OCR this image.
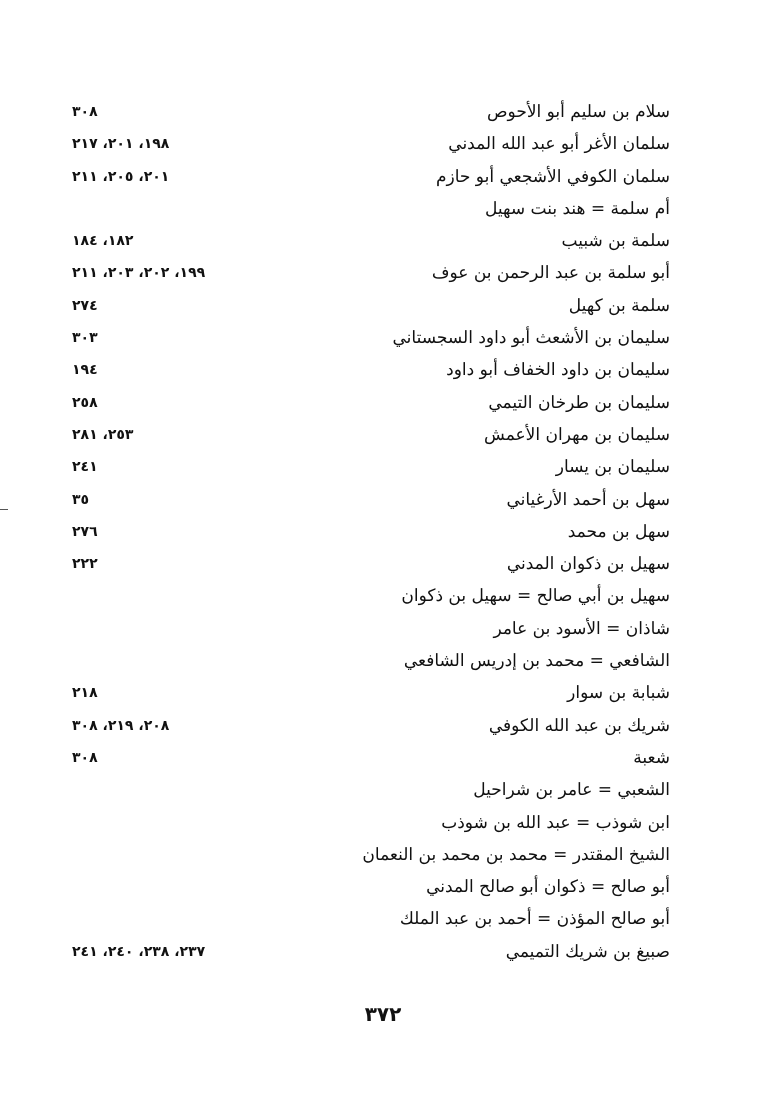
سلام بن سليم أبو الأحوص
٣٠٨
سلمان الأغر أبو عبد الله المدني
١٩٨، ٢٠١، ٢١٧
سلمان الكوفي الأشجعي أبو حازم
٢٠١، ٢٠٥، ٢١١
أم سلمة = هند بنت سهيل
سلمة بن شبيب
١٨٢، ١٨٤
أبو سلمة بن عبد الرحمن بن عوف
١٩٩، ٢٠٢، ٢٠٣، ٢١١
سلمة بن كهيل
٢٧٤
سليمان بن الأشعث أبو داود السجستاني
٣٠٣
سليمان بن داود الخفاف أبو داود
١٩٤
سليمان بن طرخان التيمي
٢٥٨
سليمان بن مهران الأعمش
٢٥٣، ٢٨١
سليمان بن يسار
٢٤١
سهل بن أحمد الأرغياني
٣٥
سهل بن محمد
٢٧٦
سهيل بن ذكوان المدني
٢٢٢
سهيل بن أبي صالح = سهيل بن ذكوان
شاذان = الأسود بن عامر
الشافعي = محمد بن إدريس الشافعي
شبابة بن سوار
٢١٨
شريك بن عبد الله الكوفي
٢٠٨، ٢١٩، ٣٠٨
شعبة
٣٠٨
الشعبي = عامر بن شراحيل
ابن شوذب = عبد الله بن شوذب
الشيخ المقتدر = محمد بن محمد بن النعمان
أبو صالح = ذكوان أبو صالح المدني
أبو صالح المؤذن = أحمد بن عبد الملك
صبيغ بن شريك التميمي
٢٣٧، ٢٣٨، ٢٤٠، ٢٤١
٣٧٢
